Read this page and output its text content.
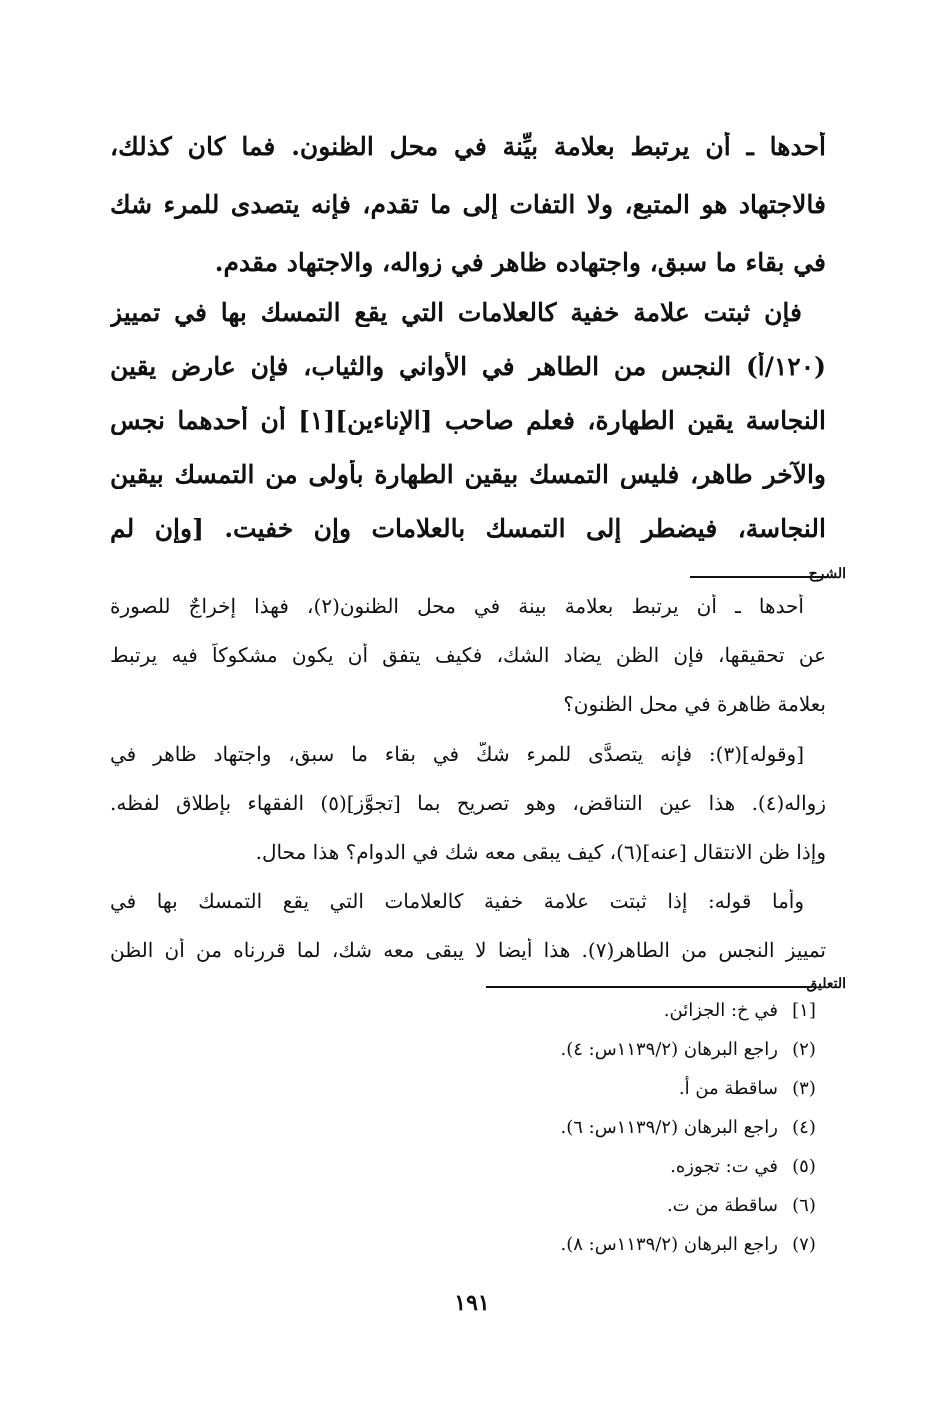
أحدها ـ أن يرتبط بعلامة بيِّنة في محل الظنون. فما كان كذلك،
فالاجتهاد هو المتبع، ولا التفات إلى ما تقدم، فإنه يتصدى للمرء شك
في بقاء ما سبق، واجتهاده ظاهر في زواله، والاجتهاد مقدم.
فإن ثبتت علامة خفية كالعلامات التي يقع التمسك بها في تمييز
(١٢٠/أ) النجس من الطاهر في الأواني والثياب، فإن عارض يقين
النجاسة يقين الطهارة، فعلم صاحب [الإناءين][١] أن أحدهما نجس
والآخر طاهر، فليس التمسك بيقين الطهارة بأولى من التمسك بيقين
النجاسة، فيضطر إلى التمسك بالعلامات وإن خفيت. [وإن لم
الشرح
أحدها ـ أن يرتبط بعلامة بينة في محل الظنون(٢)، فهذا إخراجٌ للصورة
عن تحقيقها، فإن الظن يضاد الشك، فكيف يتفق أن يكون مشكوكاً فيه يرتبط
بعلامة ظاهرة في محل الظنون؟
[وقوله](٣): فإنه يتصدَّى للمرء شكٌّ في بقاء ما سبق، واجتهاد ظاهر في
زواله(٤). هذا عين التناقض، وهو تصريح بما [تجوَّز](٥) الفقهاء بإطلاق لفظه.
وإذا ظن الانتقال [عنه](٦)، كيف يبقى معه شك في الدوام؟ هذا محال.
وأما قوله: إذا ثبتت علامة خفية كالعلامات التي يقع التمسك بها في
تمييز النجس من الطاهر(٧). هذا أيضا لا يبقى معه شك، لما قررناه من أن الظن
التعليق
[١]في خ: الجزائن.
(٢)راجع البرهان (١١٣٩/٢س: ٤).
(٣)ساقطة من أ.
(٤)راجع البرهان (١١٣٩/٢س: ٦).
(٥)في ت: تجوزه.
(٦)ساقطة من ت.
(٧)راجع البرهان (١١٣٩/٢س: ٨).
١٩١
